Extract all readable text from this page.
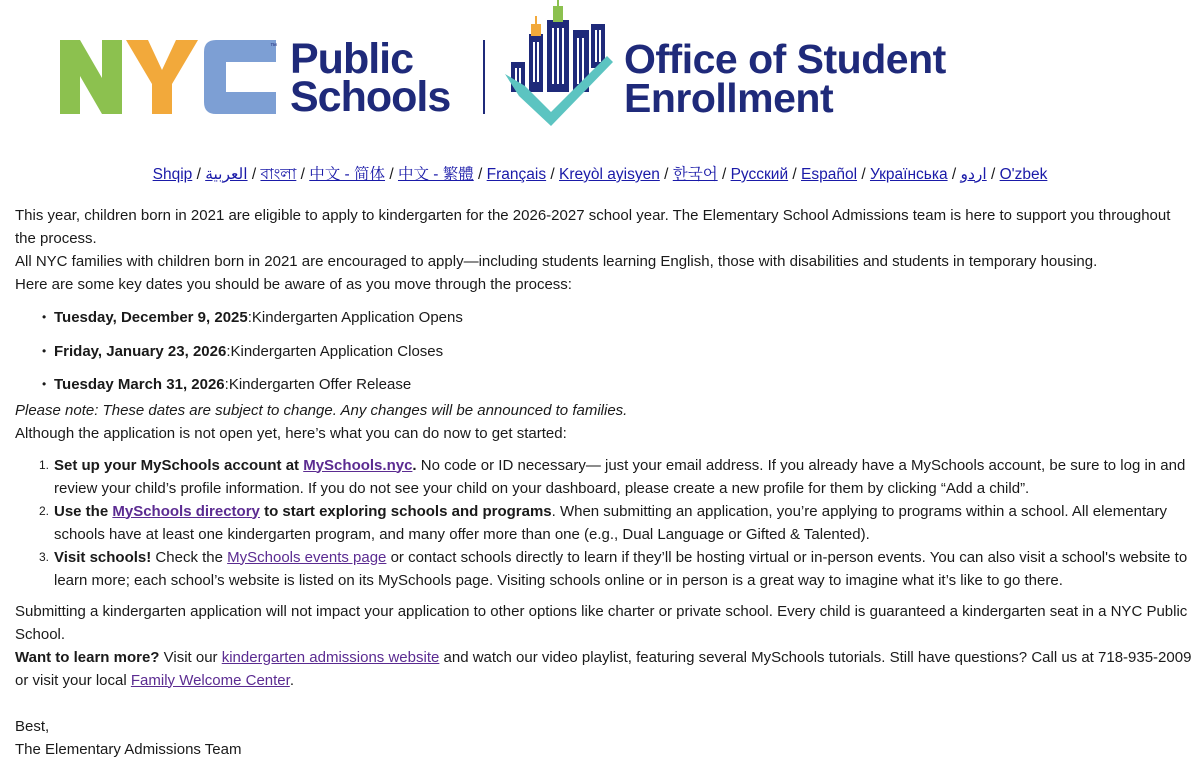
™ Public
Schools
Office of Student
Enrollment
Shqip / العربية / বাংলা / 中文 - 简体 / 中文 - 繁體 / Français / Kreyòl ayisyen / 한국어 / Русский / Español / Українська / اردو / O'zbek

This year, children born in 2021 are eligible to apply to kindergarten for the 2026-2027 school year. The Elementary School Admissions team is here to support you throughout the process.

All NYC families with children born in 2021 are encouraged to apply—including students learning English, those with disabilities and students in temporary housing.

Here are some key dates you should be aware of as you move through the process:

• Tuesday, December 9, 2025:Kindergarten Application Opens
• Friday, January 23, 2026:Kindergarten Application Closes
• Tuesday March 31, 2026:Kindergarten Offer Release

Please note: These dates are subject to change. Any changes will be announced to families.

Although the application is not open yet, here’s what you can do now to get started:

1. Set up your MySchools account at MySchools.nyc. No code or ID necessary— just your email address. If you already have a MySchools account, be sure to log in and review your child’s profile information. If you do not see your child on your dashboard, please create a new profile for them by clicking “Add a child”.
2. Use the MySchools directory to start exploring schools and programs. When submitting an application, you’re applying to programs within a school. All elementary schools have at least one kindergarten program, and many offer more than one (e.g., Dual Language or Gifted & Talented).
3. Visit schools! Check the MySchools events page or contact schools directly to learn if they’ll be hosting virtual or in-person events. You can also visit a school's website to learn more; each school’s website is listed on its MySchools page. Visiting schools online or in person is a great way to imagine what it’s like to go there.

Submitting a kindergarten application will not impact your application to other options like charter or private school. Every child is guaranteed a kindergarten seat in a NYC Public School.

Want to learn more? Visit our kindergarten admissions website and watch our video playlist, featuring several MySchools tutorials. Still have questions? Call us at 718-935-2009 or visit your local Family Welcome Center.

Best,

The Elementary Admissions Team
